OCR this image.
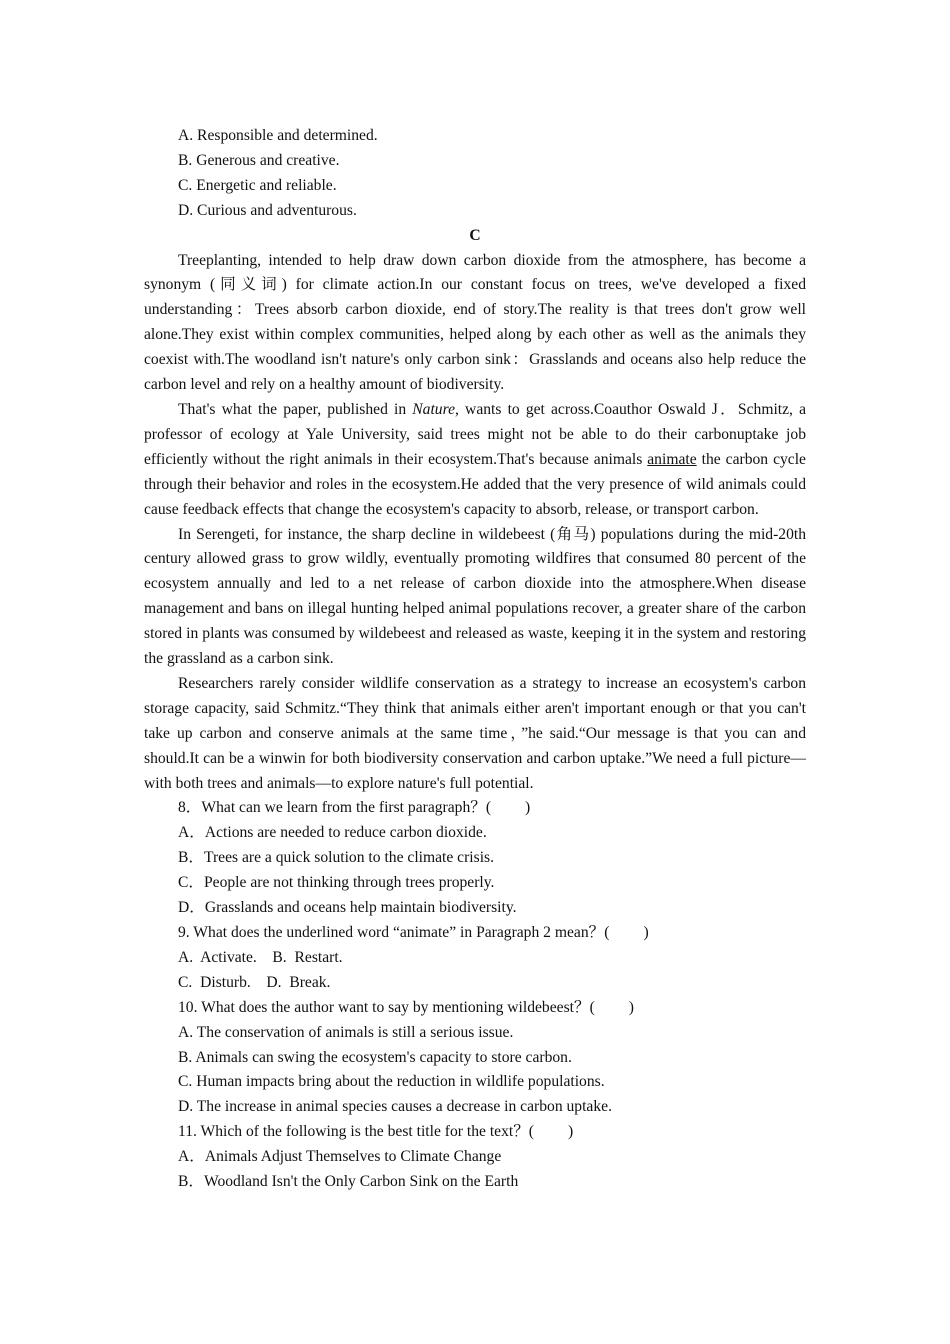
A. Responsible and determined.

B. Generous and creative.

C. Energetic and reliable.

D. Curious and adventurous.

C

Treeplanting, intended to help draw down carbon dioxide from the atmosphere, has become a synonym (同义词) for climate action.In our constant focus on trees, we've developed a fixed understanding：Trees absorb carbon dioxide, end of story.The reality is that trees don't grow well alone.They exist within complex communities, helped along by each other as well as the animals they coexist with.The woodland isn't nature's only carbon sink：Grasslands and oceans also help reduce the carbon level and rely on a healthy amount of biodiversity.

That's what the paper, published in Nature, wants to get across.Coauthor Oswald J．Schmitz, a professor of ecology at Yale University, said trees might not be able to do their carbonuptake job efficiently without the right animals in their ecosystem.That's because animals animate the carbon cycle through their behavior and roles in the ecosystem.He added that the very presence of wild animals could cause feedback effects that change the ecosystem's capacity to absorb, release, or transport carbon.

In Serengeti, for instance, the sharp decline in wildebeest (角马) populations during the mid-20th century allowed grass to grow wildly, eventually promoting wildfires that consumed 80 percent of the ecosystem annually and led to a net release of carbon dioxide into the atmosphere.When disease management and bans on illegal hunting helped animal populations recover, a greater share of the carbon stored in plants was consumed by wildebeest and released as waste, keeping it in the system and restoring the grassland as a carbon sink.

Researchers rarely consider wildlife conservation as a strategy to increase an ecosystem's carbon storage capacity, said Schmitz.“They think that animals either aren't important enough or that you can't take up carbon and conserve animals at the same time，”he said.“Our message is that you can and should.It can be a winwin for both biodiversity conservation and carbon uptake.”We need a full picture—with both trees and animals—to explore nature's full potential.

8．What can we learn from the first paragraph？( )

A．Actions are needed to reduce carbon dioxide.

B．Trees are a quick solution to the climate crisis.

C．People are not thinking through trees properly.

D．Grasslands and oceans help maintain biodiversity.

9. What does the underlined word “animate” in Paragraph 2 mean？( )

A.  Activate.    B.  Restart.

C.  Disturb.    D.  Break.

10. What does the author want to say by mentioning wildebeest？( )

A. The conservation of animals is still a serious issue.

B. Animals can swing the ecosystem's capacity to store carbon.

C. Human impacts bring about the reduction in wildlife populations.

D. The increase in animal species causes a decrease in carbon uptake.

11. Which of the following is the best title for the text？( )

A．Animals Adjust Themselves to Climate Change

B．Woodland Isn't the Only Carbon Sink on the Earth
